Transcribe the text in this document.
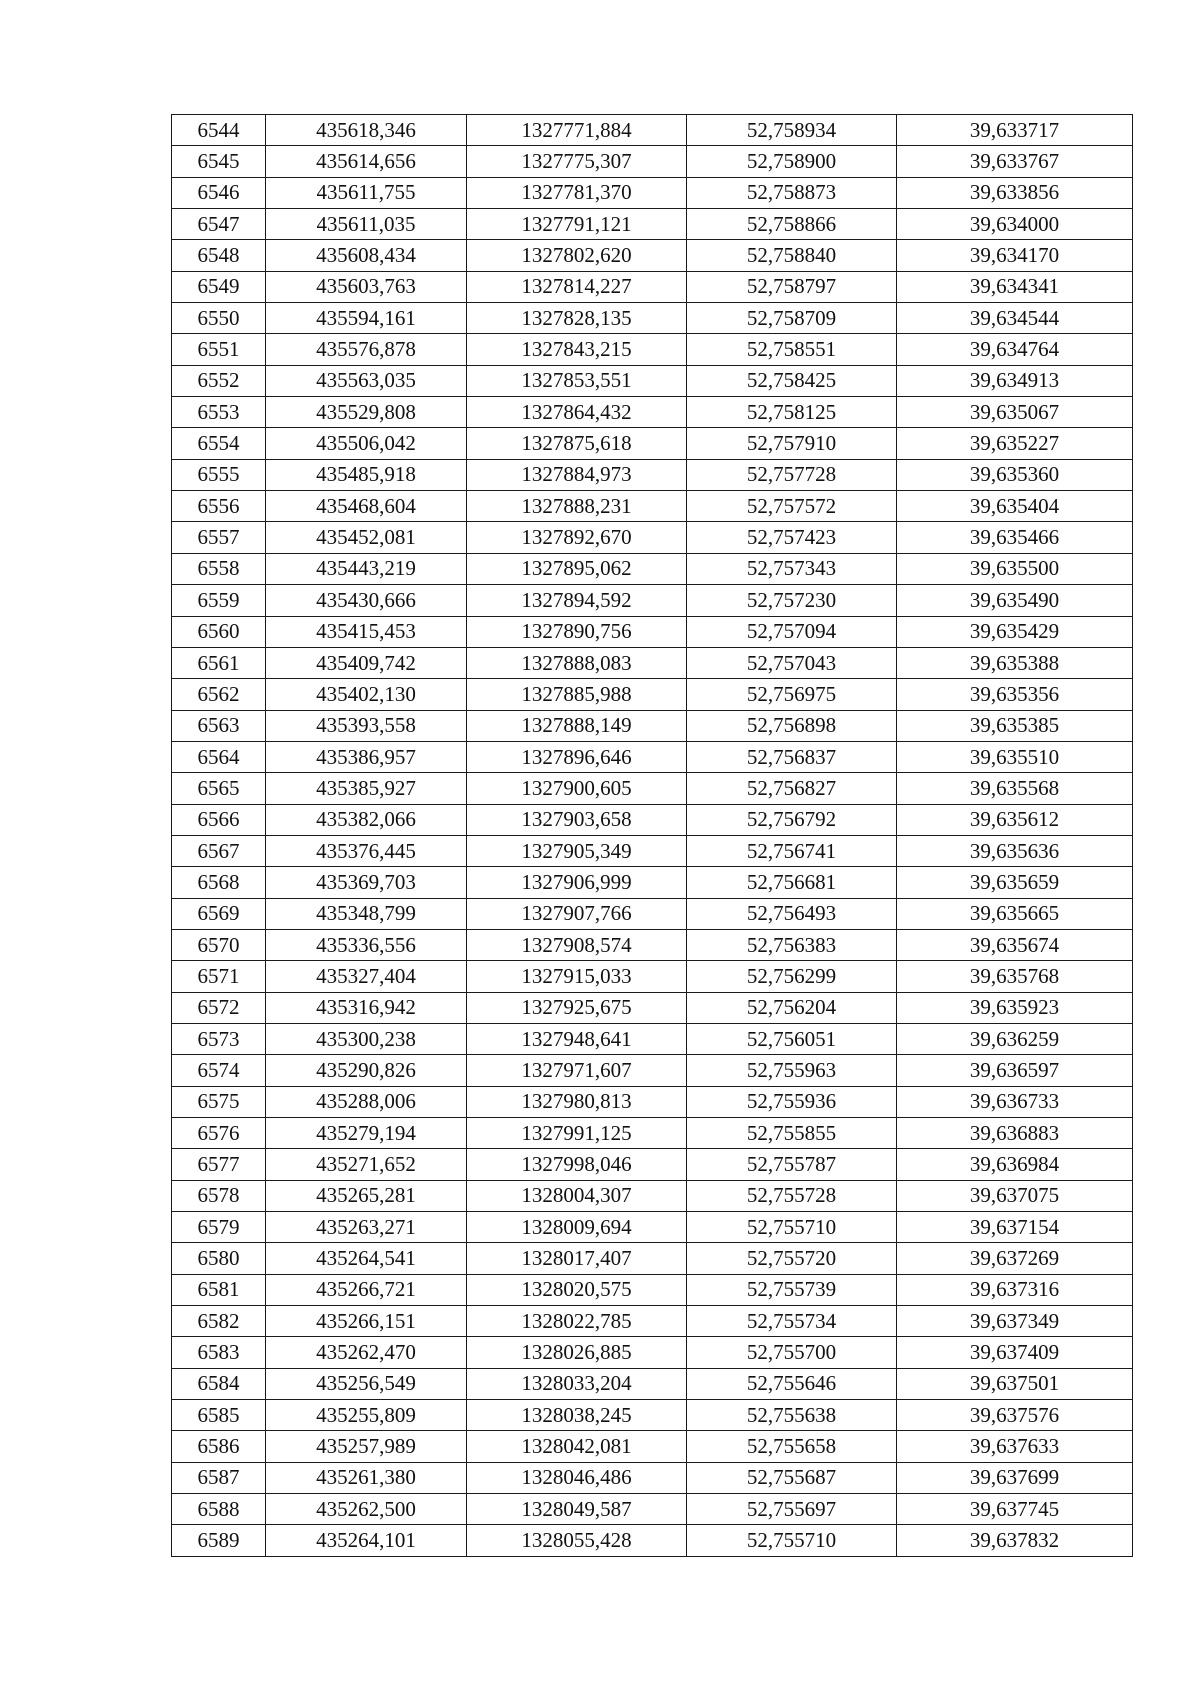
6544	435618,346	1327771,884	52,758934	39,633717
6545	435614,656	1327775,307	52,758900	39,633767
6546	435611,755	1327781,370	52,758873	39,633856
6547	435611,035	1327791,121	52,758866	39,634000
6548	435608,434	1327802,620	52,758840	39,634170
6549	435603,763	1327814,227	52,758797	39,634341
6550	435594,161	1327828,135	52,758709	39,634544
6551	435576,878	1327843,215	52,758551	39,634764
6552	435563,035	1327853,551	52,758425	39,634913
6553	435529,808	1327864,432	52,758125	39,635067
6554	435506,042	1327875,618	52,757910	39,635227
6555	435485,918	1327884,973	52,757728	39,635360
6556	435468,604	1327888,231	52,757572	39,635404
6557	435452,081	1327892,670	52,757423	39,635466
6558	435443,219	1327895,062	52,757343	39,635500
6559	435430,666	1327894,592	52,757230	39,635490
6560	435415,453	1327890,756	52,757094	39,635429
6561	435409,742	1327888,083	52,757043	39,635388
6562	435402,130	1327885,988	52,756975	39,635356
6563	435393,558	1327888,149	52,756898	39,635385
6564	435386,957	1327896,646	52,756837	39,635510
6565	435385,927	1327900,605	52,756827	39,635568
6566	435382,066	1327903,658	52,756792	39,635612
6567	435376,445	1327905,349	52,756741	39,635636
6568	435369,703	1327906,999	52,756681	39,635659
6569	435348,799	1327907,766	52,756493	39,635665
6570	435336,556	1327908,574	52,756383	39,635674
6571	435327,404	1327915,033	52,756299	39,635768
6572	435316,942	1327925,675	52,756204	39,635923
6573	435300,238	1327948,641	52,756051	39,636259
6574	435290,826	1327971,607	52,755963	39,636597
6575	435288,006	1327980,813	52,755936	39,636733
6576	435279,194	1327991,125	52,755855	39,636883
6577	435271,652	1327998,046	52,755787	39,636984
6578	435265,281	1328004,307	52,755728	39,637075
6579	435263,271	1328009,694	52,755710	39,637154
6580	435264,541	1328017,407	52,755720	39,637269
6581	435266,721	1328020,575	52,755739	39,637316
6582	435266,151	1328022,785	52,755734	39,637349
6583	435262,470	1328026,885	52,755700	39,637409
6584	435256,549	1328033,204	52,755646	39,637501
6585	435255,809	1328038,245	52,755638	39,637576
6586	435257,989	1328042,081	52,755658	39,637633
6587	435261,380	1328046,486	52,755687	39,637699
6588	435262,500	1328049,587	52,755697	39,637745
6589	435264,101	1328055,428	52,755710	39,637832
